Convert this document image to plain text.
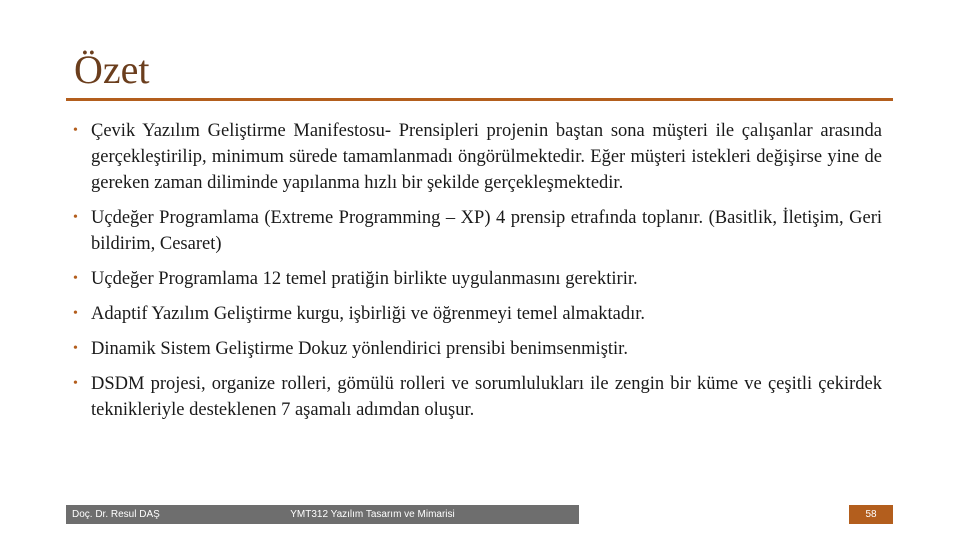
Özet
• Çevik Yazılım Geliştirme Manifestosu- Prensipleri projenin baştan sona müşteri ile çalışanlar arasında gerçekleştirilip, minimum sürede tamamlanmadı öngörülmektedir. Eğer müşteri istekleri değişirse yine de gereken zaman diliminde yapılanma hızlı bir şekilde gerçekleşmektedir.
• Uçdeğer Programlama (Extreme Programming – XP) 4 prensip etrafında toplanır. (Basitlik, İletişim, Geri bildirim, Cesaret)
• Uçdeğer Programlama 12 temel pratiğin birlikte uygulanmasını gerektirir.
• Adaptif Yazılım Geliştirme kurgu, işbirliği ve öğrenmeyi temel almaktadır.
• Dinamik Sistem Geliştirme Dokuz yönlendirici prensibi benimsenmiştir.
• DSDM projesi, organize rolleri, gömülü rolleri ve sorumlulukları ile zengin bir küme ve çeşitli çekirdek teknikleriyle desteklenen 7 aşamalı adımdan oluşur.
Doç. Dr. Resul DAŞ	YMT312 Yazılım Tasarım ve Mimarisi	58
